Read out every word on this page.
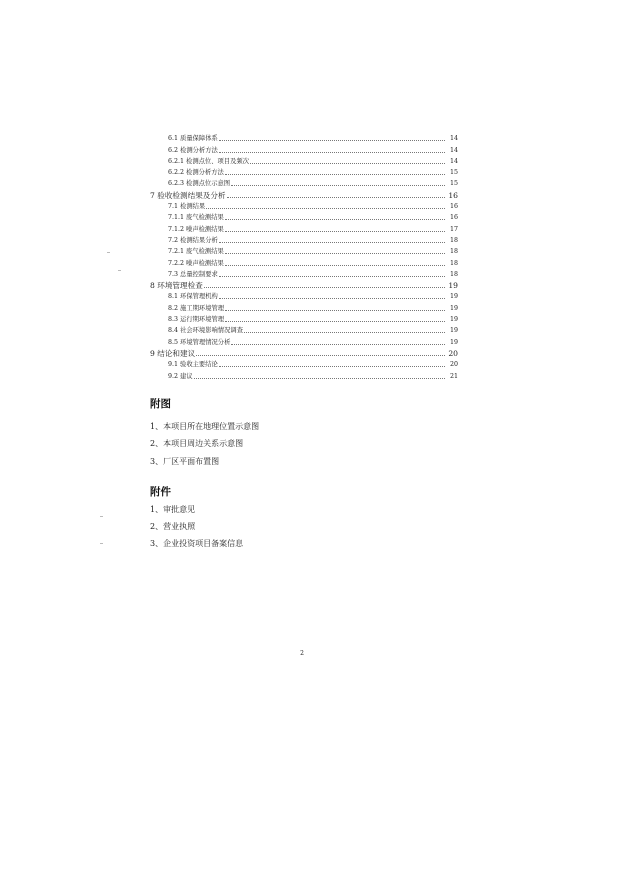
6.1 质量保障体系	14
6.2 检测分析方法	14
6.2.1 检测点位、项目及频次	14
6.2.2 检测分析方法	15
6.2.3 检测点位示意图	15
7 验收检测结果及分析	16
7.1 检测结果	16
7.1.1 废气检测结果	16
7.1.2 噪声检测结果	17
7.2 检测结果分析	18
7.2.1 废气检测结果	18
7.2.2 噪声检测结果	18
7.3 总量控制要求	18
8 环境管理检查	19
8.1 环保管理机构	19
8.2 施工期环境管理	19
8.3 运行期环境管理	19
8.4 社会环境影响情况调查	19
8.5 环境管理情况分析	19
9 结论和建议	20
9.1 验收主要结论	20
9.2 建议	21
附图
1、本项目所在地理位置示意图
2、本项目周边关系示意图
3、厂区平面布置图
附件
1、审批意见
2、营业执照
3、企业投资项目备案信息
2
